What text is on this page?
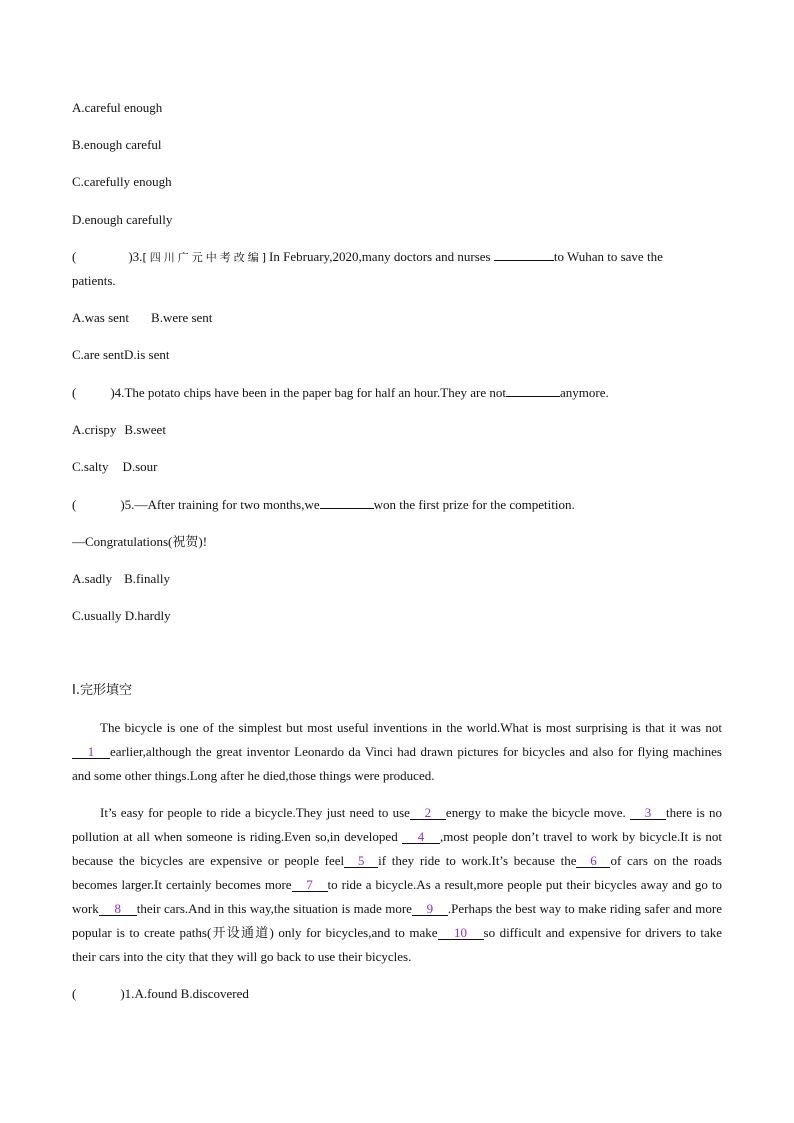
A.careful enough
B.enough careful
C.carefully enough
D.enough carefully
(	)3.[四川广元中考改编]In February,2020,many doctors and nurses	to Wuhan to save the
patients.
A.was sent B.were sent
C.are sentD.is sent
(	)4.The potato chips have been in the paper bag for half an hour.They are not	anymore.
A.crispy B.sweet
C.salty D.sour
(	)5.—After training for two months,we	won the first prize for the competition.
—Congratulations(祝贺)!
A.sadly B.finally
C.usually D.hardly
Ⅰ.完形填空
The bicycle is one of the simplest but most useful inventions in the world.What is most surprising is that it was not1 earlier,although the great inventor Leonardo da Vinci had drawn pictures for bicycles and also for flying machines and some other things.Long after he died,those things were produced.
It’s easy for people to ride a bicycle.They just need to use 2 energy to make the bicycle move. 3 there is no pollution at all when someone is riding.Even so,in developed 4 ,most people don’t travel to work by bicycle.It is not because the bicycles are expensive or people feel 5 if they ride to work.It’s because the 6 of cars on the roads becomes larger.It certainly becomes more 7 to ride a bicycle.As a result,more people put their bicycles away and go to work 8 their cars.And in this way,the situation is made more 9 .Perhaps the best way to make riding safer and more popular is to create paths(开设通道) only for bicycles,and to make 10 so difficult and expensive for drivers to take their cars into the city that they will go back to use their bicycles.
(	)1.A.found B.discovered
